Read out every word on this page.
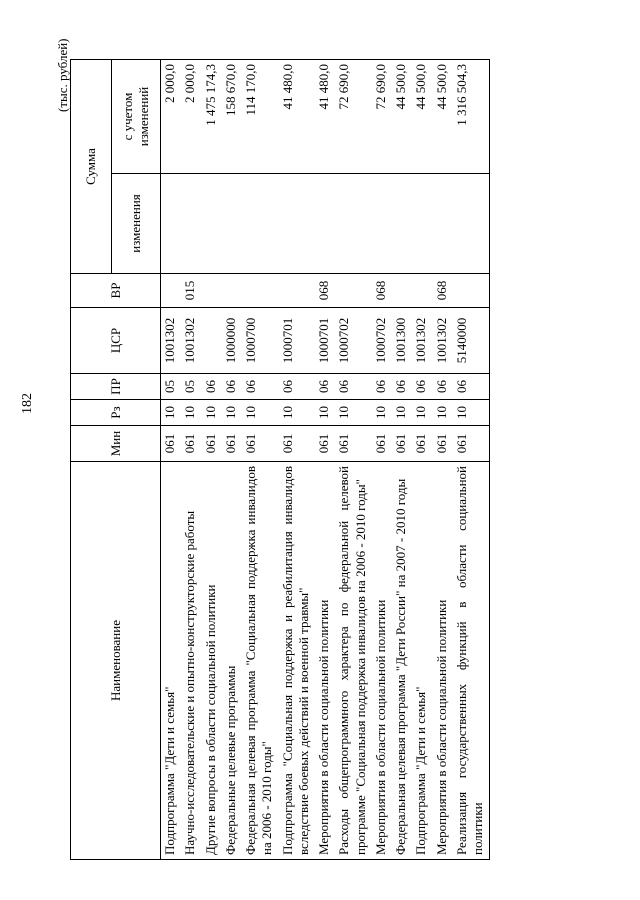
182
(тыс. рублей)
Наименование	Мин	Рз	ПР	ЦСР	ВР	Сумма	
						изменения	с учетом изменений
Подпрограмма "Дети и семья"	061	10	05	1001302			2 000,0
Научно-исследовательские и опытно-конструкторские работы	061	10	05	1001302	015		2 000,0
Другие вопросы в области социальной политики	061	10	06				1 475 174,3
Федеральные целевые программы	061	10	06	1000000			158 670,0
Федеральная целевая программа "Социальная поддержка инвалидов на 2006 - 2010 годы"	061	10	06	1000700			114 170,0
Подпрограмма "Социальная поддержка и реабилитация инвалидов вследствие боевых действий и военной травмы"	061	10	06	1000701			41 480,0
Мероприятия в области социальной политики	061	10	06	1000701	068		41 480,0
Расходы общепрограммного характера по федеральной целевой программе "Социальная поддержка инвалидов на 2006 - 2010 годы"	061	10	06	1000702			72 690,0
Мероприятия в области социальной политики	061	10	06	1000702	068		72 690,0
Федеральная целевая программа "Дети России" на 2007 - 2010 годы	061	10	06	1001300			44 500,0
Подпрограмма "Дети и семья"	061	10	06	1001302			44 500,0
Мероприятия в области социальной политики	061	10	06	1001302	068		44 500,0
Реализация государственных функций в области социальной политики	061	10	06	5140000			1 316 504,3
